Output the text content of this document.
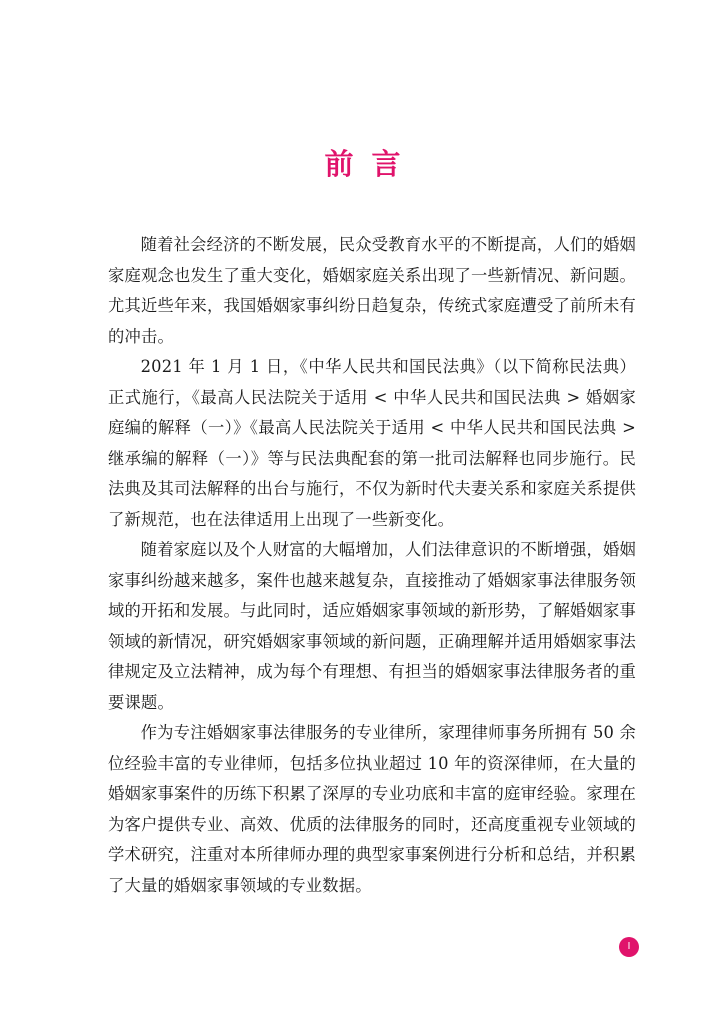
前言

随着社会经济的不断发展，民众受教育水平的不断提高，人们的婚姻家庭观念也发生了重大变化，婚姻家庭关系出现了一些新情况、新问题。尤其近些年来，我国婚姻家事纠纷日趋复杂，传统式家庭遭受了前所未有的冲击。

2021 年 1 月 1 日，《中华人民共和国民法典》（以下简称民法典）正式施行，《最高人民法院关于适用 < 中华人民共和国民法典 > 婚姻家庭编的解释（一）》《最高人民法院关于适用 < 中华人民共和国民法典 > 继承编的解释（一）》等与民法典配套的第一批司法解释也同步施行。民法典及其司法解释的出台与施行，不仅为新时代夫妻关系和家庭关系提供了新规范，也在法律适用上出现了一些新变化。

随着家庭以及个人财富的大幅增加，人们法律意识的不断增强，婚姻家事纠纷越来越多，案件也越来越复杂，直接推动了婚姻家事法律服务领域的开拓和发展。与此同时，适应婚姻家事领域的新形势，了解婚姻家事领域的新情况，研究婚姻家事领域的新问题，正确理解并适用婚姻家事法律规定及立法精神，成为每个有理想、有担当的婚姻家事法律服务者的重要课题。

作为专注婚姻家事法律服务的专业律所，家理律师事务所拥有 50 余位经验丰富的专业律师，包括多位执业超过 10 年的资深律师，在大量的婚姻家事案件的历练下积累了深厚的专业功底和丰富的庭审经验。家理在为客户提供专业、高效、优质的法律服务的同时，还高度重视专业领域的学术研究，注重对本所律师办理的典型家事案例进行分析和总结，并积累了大量的婚姻家事领域的专业数据。

I
